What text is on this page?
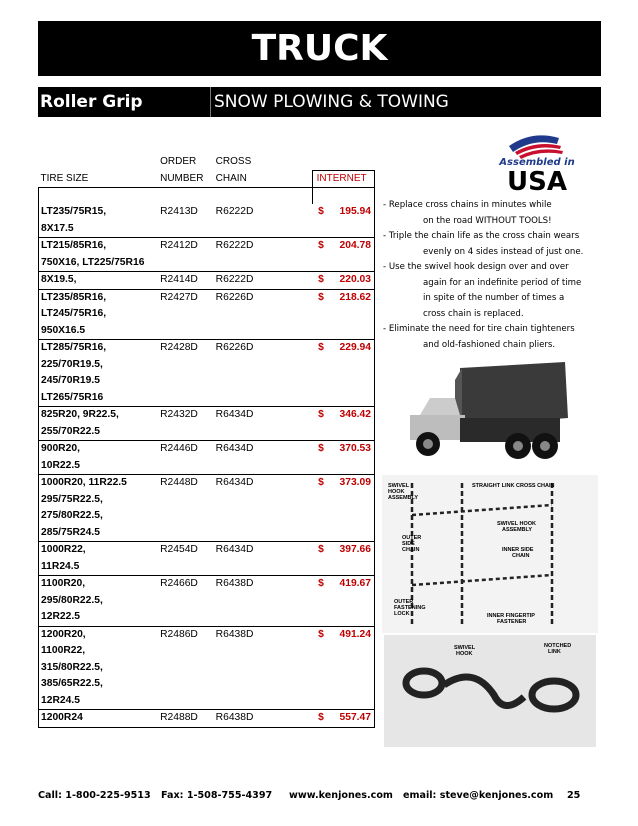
TRUCK
Roller Grip	SNOW PLOWING & TOWING
	ORDER	CROSS		
TIRE SIZE	NUMBER	CHAIN		INTERNET

LT235/75R15,	R2413D	R6222D		$ 195.94
8X17.5				
LT215/85R16,	R2412D	R6222D		$ 204.78
750X16, LT225/75R16				
8X19.5,	R2414D	R6222D		$ 220.03
LT235/85R16,	R2427D	R6226D		$ 218.62
LT245/75R16,				
950X16.5				
LT285/75R16,	R2428D	R6226D		$ 229.94
225/70R19.5,				
245/70R19.5				
LT265/75R16				
825R20, 9R22.5,	R2432D	R6434D		$ 346.42
255/70R22.5				
900R20,	R2446D	R6434D		$ 370.53
10R22.5				
1000R20, 11R22.5	R2448D	R6434D		$ 373.09
295/75R22.5,				
275/80R22.5,				
285/75R24.5				
1000R22,	R2454D	R6434D		$ 397.66
11R24.5				
1100R20,	R2466D	R6438D		$ 419.67
295/80R22.5,				
12R22.5				
1200R20,	R2486D	R6438D		$ 491.24
1100R22,				
315/80R22.5,				
385/65R22.5,				
12R24.5				
1200R24	R2488D	R6438D		$ 557.47
- Replace cross chains in minutes while
on the road WITHOUT TOOLS!
- Triple the chain life as the cross chain wears
evenly on 4 sides instead of just one.
- Use the swivel hook design over and over
again for an indefinite period of time
in spite of the number of times a
cross chain is replaced.
- Eliminate the need for tire chain tighteners
and old-fashioned chain pliers.
Assembled in
USA
SWIVEL
HOOK
ASSEMBLY
STRAIGHT LINK CROSS CHAIN
SWIVEL HOOK
ASSEMBLY
OUTER
SIDE
CHAIN	INNER SIDE
CHAIN
OUTER
FASTENING
LOCK	INNER FINGERTIP
FASTENER
SWIVEL
HOOK
NOTCHED
LINK
Call: 1-800-225-9513 Fax: 1-508-755-4397 www.kenjones.com email: steve@kenjones.com 25
